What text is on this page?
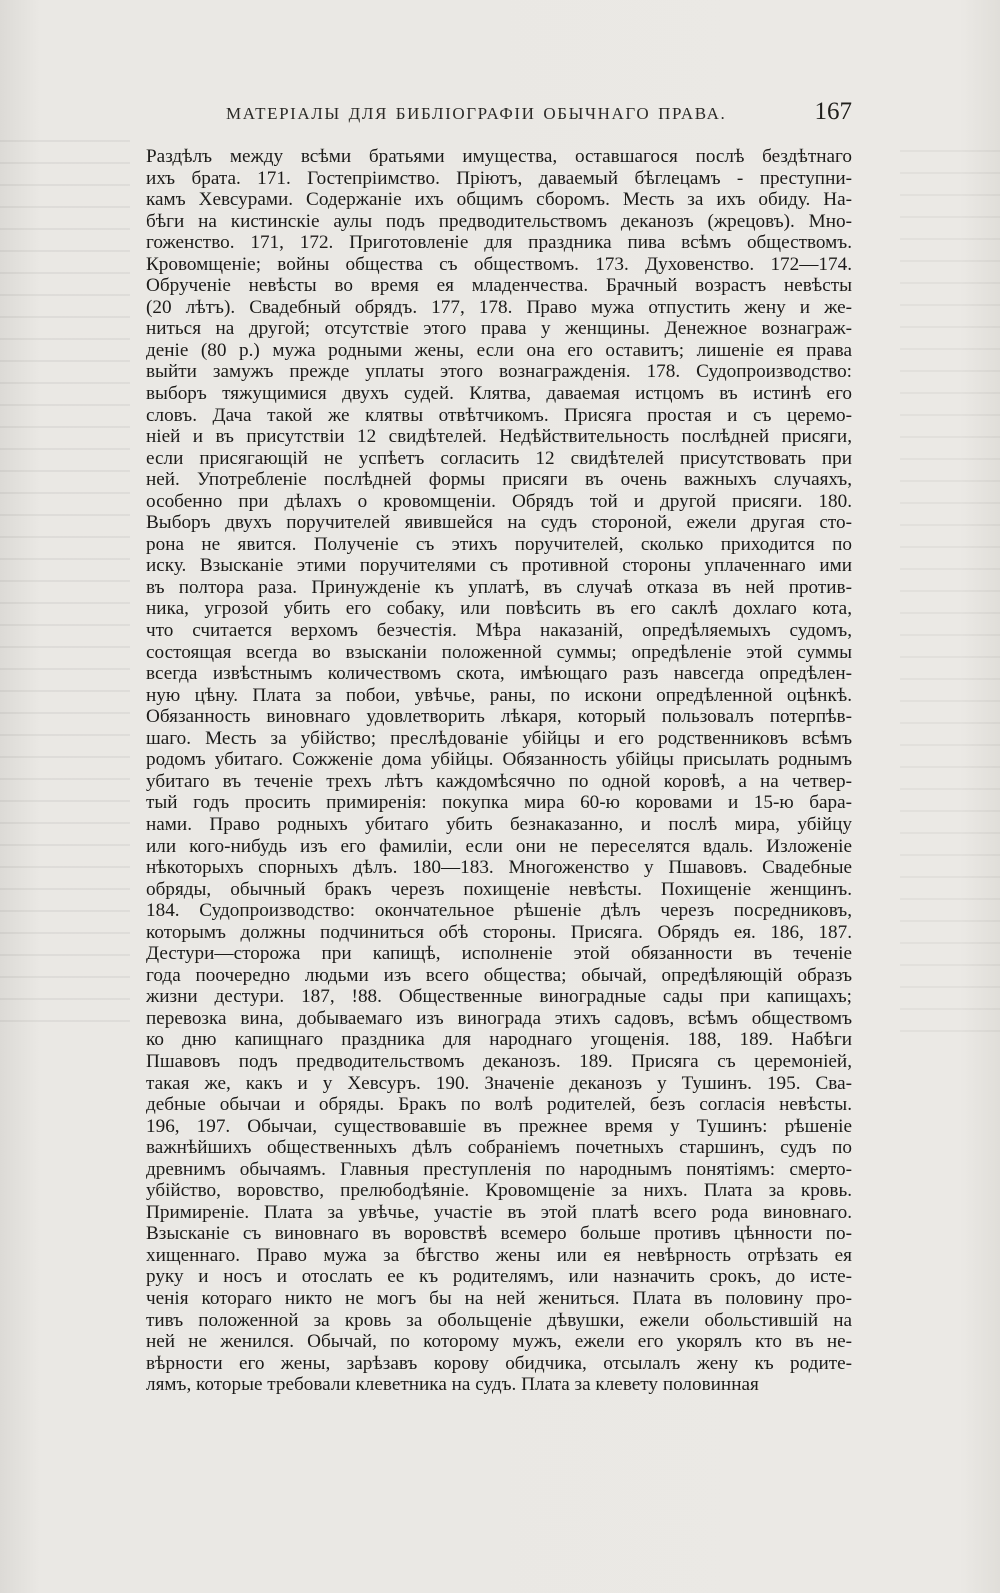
МАТЕРІАЛЫ ДЛЯ БИБЛІОГРАФІИ ОБЫЧНАГО ПРАВА.	167
Раздѣлъ между всѣми братьями имущества, оставшагося послѣ бездѣтнаго
ихъ брата. 171. Гостепріимство. Пріютъ, даваемый бѣглецамъ - преступни-
камъ Хевсурами. Содержаніе ихъ общимъ сборомъ. Месть за ихъ обиду. На-
бѣги на кистинскіе аулы подъ предводительствомъ деканозъ (жрецовъ). Мно-
гоженство. 171, 172. Приготовленіе для праздника пива всѣмъ обществомъ.
Кровомщеніе; войны общества съ обществомъ. 173. Духовенство. 172—174.
Обрученіе невѣсты во время ея младенчества. Брачный возрастъ невѣсты
(20 лѣтъ). Свадебный обрядъ. 177, 178. Право мужа отпустить жену и же-
ниться на другой; отсутствіе этого права у женщины. Денежное вознаграж-
деніе (80 р.) мужа родными жены, если она его оставитъ; лишеніе ея права
выйти замужъ прежде уплаты этого вознагражденія. 178. Судопроизводство:
выборъ тяжущимися двухъ судей. Клятва, даваемая истцомъ въ истинѣ его
словъ. Дача такой же клятвы отвѣтчикомъ. Присяга простая и съ церемо-
ніей и въ присутствіи 12 свидѣтелей. Недѣйствительность послѣдней присяги,
если присягающій не успѣетъ согласить 12 свидѣтелей присутствовать при
ней. Употребленіе послѣдней формы присяги въ очень важныхъ случаяхъ,
особенно при дѣлахъ о кровомщеніи. Обрядъ той и другой присяги. 180.
Выборъ двухъ поручителей явившейся на судъ стороной, ежели другая сто-
рона не явится. Полученіе съ этихъ поручителей, сколько приходится по
иску. Взысканіе этими поручителями съ противной стороны уплаченнаго ими
въ полтора раза. Принужденіе къ уплатѣ, въ случаѣ отказа въ ней против-
ника, угрозой убить его собаку, или повѣсить въ его саклѣ дохлаго кота,
что считается верхомъ безчестія. Мѣра наказаній, опредѣляемыхъ судомъ,
состоящая всегда во взысканіи положенной суммы; опредѣленіе этой суммы
всегда извѣстнымъ количествомъ скота, имѣющаго разъ навсегда опредѣлен-
ную цѣну. Плата за побои, увѣчье, раны, по искони опредѣленной оцѣнкѣ.
Обязанность виновнаго удовлетворить лѣкаря, который пользовалъ потерпѣв-
шаго. Месть за убійство; преслѣдованіе убійцы и его родственниковъ всѣмъ
родомъ убитаго. Сожженіе дома убійцы. Обязанность убійцы присылать роднымъ
убитаго въ теченіе трехъ лѣтъ каждомѣсячно по одной коровѣ, а на четвер-
тый годъ просить примиренія: покупка мира 60-ю коровами и 15-ю бара-
нами. Право родныхъ убитаго убить безнаказанно, и послѣ мира, убійцу
или кого-нибудь изъ его фамиліи, если они не переселятся вдаль. Изложеніе
нѣкоторыхъ спорныхъ дѣлъ. 180—183. Многоженство у Пшавовъ. Свадебные
обряды, обычный бракъ черезъ похищеніе невѣсты. Похищеніе женщинъ.
184. Судопроизводство: окончательное рѣшеніе дѣлъ черезъ посредниковъ,
которымъ должны подчиниться обѣ стороны. Присяга. Обрядъ ея. 186, 187.
Дестури—сторожа при капищѣ, исполненіе этой обязанности въ теченіе
года поочередно людьми изъ всего общества; обычай, опредѣляющій образъ
жизни дестури. 187, !88. Общественные виноградные сады при капищахъ;
перевозка вина, добываемаго изъ винограда этихъ садовъ, всѣмъ обществомъ
ко дню капищнаго праздника для народнаго угощенія. 188, 189. Набѣги
Пшавовъ подъ предводительствомъ деканозъ. 189. Присяга съ церемоніей,
такая же, какъ и у Хевсуръ. 190. Значеніе деканозъ у Тушинъ. 195. Сва-
дебные обычаи и обряды. Бракъ по волѣ родителей, безъ согласія невѣсты.
196, 197. Обычаи, существовавшіе въ прежнее время у Тушинъ: рѣшеніе
важнѣйшихъ общественныхъ дѣлъ собраніемъ почетныхъ старшинъ, судъ по
древнимъ обычаямъ. Главныя преступленія по народнымъ понятіямъ: смерто-
убійство, воровство, прелюбодѣяніе. Кровомщеніе за нихъ. Плата за кровь.
Примиреніе. Плата за увѣчье, участіе въ этой платѣ всего рода виновнаго.
Взысканіе съ виновнаго въ воровствѣ всемеро больше противъ цѣнности по-
хищеннаго. Право мужа за бѣгство жены или ея невѣрность отрѣзать ея
руку и носъ и отослать ее къ родителямъ, или назначить срокъ, до исте-
ченія котораго никто не могъ бы на ней жениться. Плата въ половину про-
тивъ положенной за кровь за обольщеніе дѣвушки, ежели обольстившій на
ней не женился. Обычай, по которому мужъ, ежели его укорялъ кто въ не-
вѣрности его жены, зарѣзавъ корову обидчика, отсылалъ жену къ родите-
лямъ, которые требовали клеветника на судъ. Плата за клевету половинная
